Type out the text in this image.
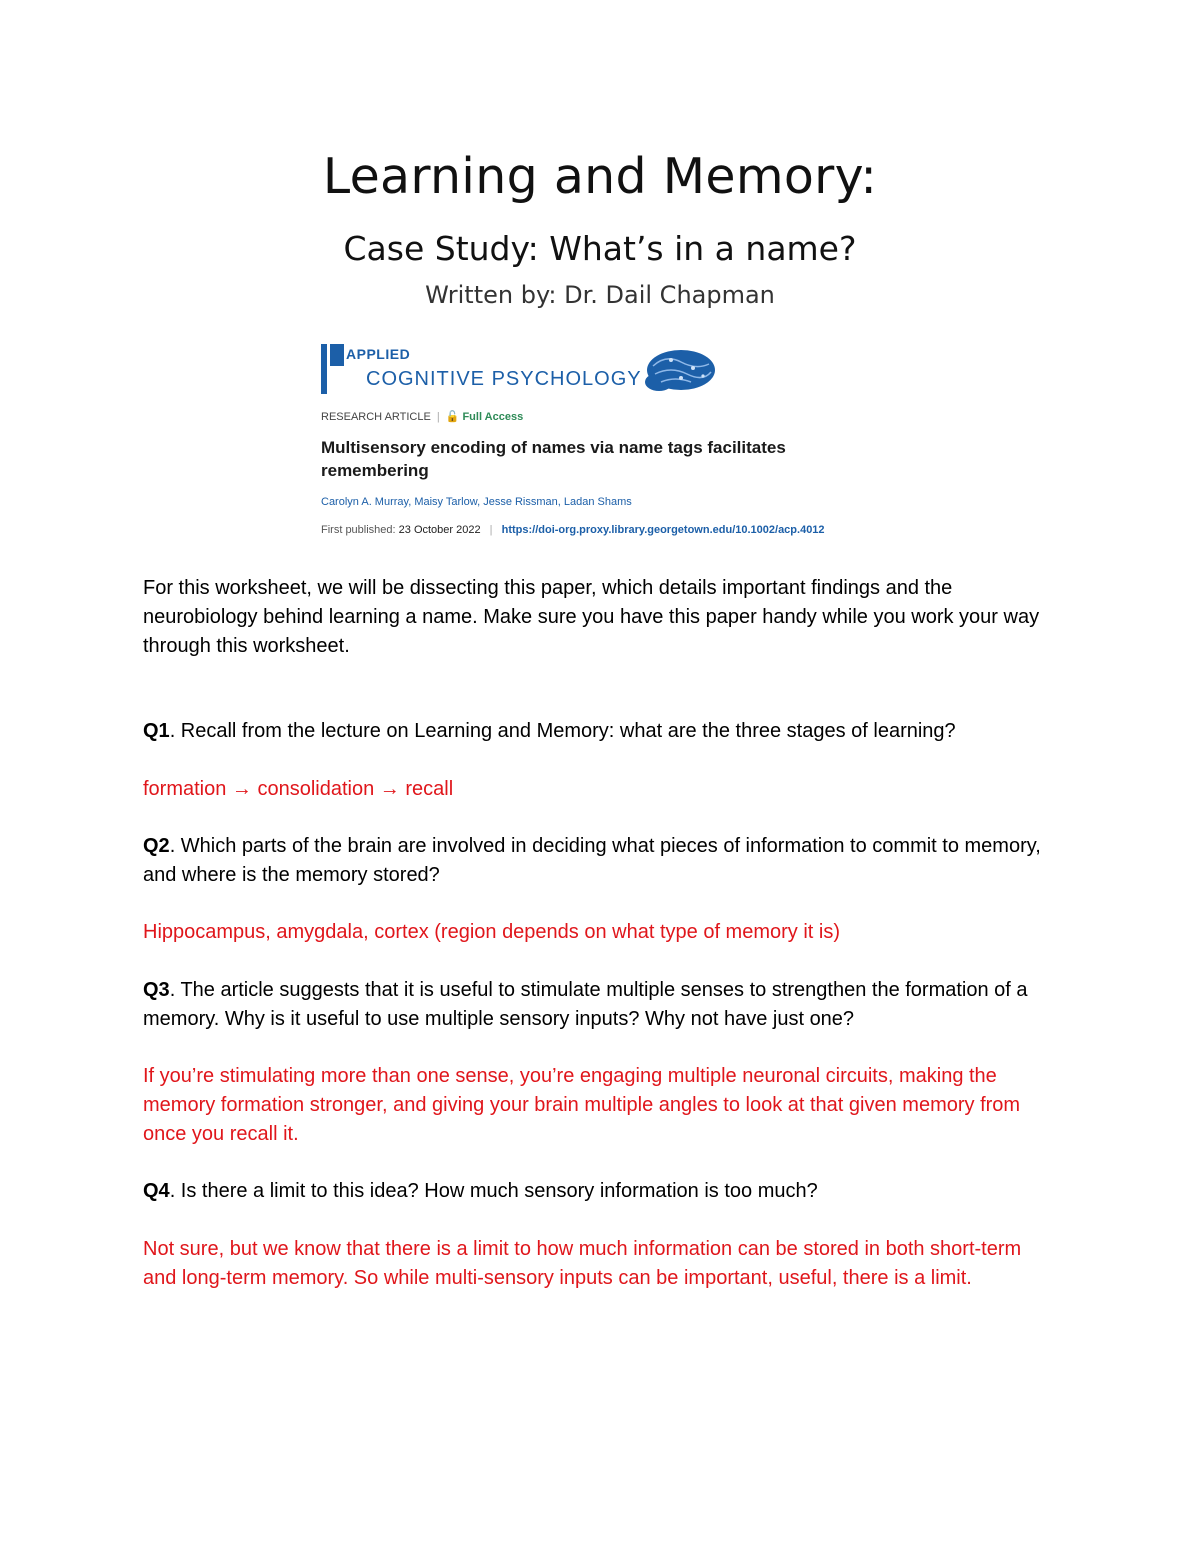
Learning and Memory:
Case Study: What’s in a name?
Written by: Dr. Dail Chapman
APPLIED
COGNITIVE PSYCHOLOGY
RESEARCH ARTICLE | 🔓 Full Access
Multisensory encoding of names via name tags facilitates remembering
Carolyn A. Murray, Maisy Tarlow, Jesse Rissman, Ladan Shams
First published: 23 October 2022 | https://doi-org.proxy.library.georgetown.edu/10.1002/acp.4012

For this worksheet, we will be dissecting this paper, which details important findings and the neurobiology behind learning a name. Make sure you have this paper handy while you work your way through this worksheet.

Q1. Recall from the lecture on Learning and Memory: what are the three stages of learning?

formation → consolidation → recall

Q2. Which parts of the brain are involved in deciding what pieces of information to commit to memory, and where is the memory stored?

Hippocampus, amygdala, cortex (region depends on what type of memory it is)

Q3. The article suggests that it is useful to stimulate multiple senses to strengthen the formation of a memory. Why is it useful to use multiple sensory inputs? Why not have just one?

If you’re stimulating more than one sense, you’re engaging multiple neuronal circuits, making the memory formation stronger, and giving your brain multiple angles to look at that given memory from once you recall it.

Q4. Is there a limit to this idea? How much sensory information is too much?

Not sure, but we know that there is a limit to how much information can be stored in both short-term and long-term memory. So while multi-sensory inputs can be important, useful, there is a limit.
